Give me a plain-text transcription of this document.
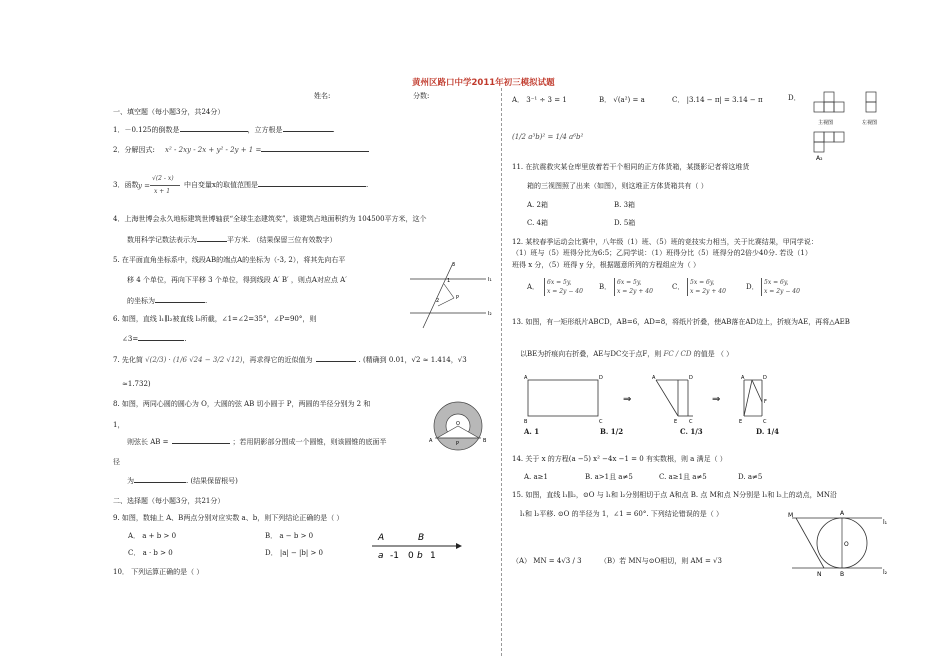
黄州区路口中学2011年初三模拟试题
姓名:	分数:
一、填空题（每小题3分，共24分）
1．－0.125的倒数是	，立方根是	.
2．分解因式: x² - 2xy - 2x + y² - 2y + 1 =
3．函数 y =
√(2 - x)
x + 1
中自变量x的取值范围是	.
4．上海世博会永久地标建筑世博轴获“全球生态建筑奖”，该建筑占地面积约为 104500平方米，这个
数用科学记数法表示为	平方米. （结果保留三位有效数字）
5. 在平面直角坐标系中，线段AB的端点A的坐标为（-3, 2），将其先向右平
移 4 个单位，再向下平移 3 个单位，得到线段 A′ B′ ，则点A对应点 A′
的坐标为	.
6. 如图，直线 l₁∥l₂被直线 l₃所截，∠1=∠2=35°，∠P=90°，则
∠3=	.
l₁
l₂
1
2
3
P
7. 先化简 √(2/3) · (1/6 √24 − 3/2 √12)，再求得它的近似值为	. (精确到 0.01，√2 ≈ 1.414，√3
≈1.732)
8. 如图，两同心圆的圆心为 O，大圆的弦 AB 切小圆于 P，两圆的半径分别为 2 和
1，
则弦长 AB =	；若用阴影部分围成一个圆锥，则该圆锥的底面半
径
为	. (结果保留根号)
A	B
O
P
二、选择题（每小题3分，共21分）
9. 如图，数轴上 A、B两点分别对应实数 a、b，则下列结论正确的是（ ）
A． a + b > 0	B． a − b > 0
C． a · b > 0	D． |a| − |b| > 0
A	B
a -1 0 b 1
10． 下列运算正确的是（ ）
A． 3⁻¹ ÷ 3 = 1	B． √(a²) = a	C． |3.14 − π| = 3.14 − π	D．
(1/2 a³b)² = 1/4 a⁶b²
主视图	左视图
A₂
11. 在抗震救灾某仓库里放着若干个相同的正方体货箱，某摄影记者将这堆货
箱的三视图照了出来（如图），则这堆正方体货箱共有（ ）
A. 2箱	B. 3箱
C. 4箱	D. 5箱
12. 某校春季运动会比赛中，八年级（1）班、（5）班的竞技实力相当，关于比赛结果，甲同学说：
（1）班与（5）班得分比为6:5；乙同学说：（1）班得分比（5）班得分的2倍少40分. 若设（1）
班得 x 分，（5）班得 y 分，根据题意所列的方程组应为（ ）
A．
6x = 5y,
x = 2y − 40
B．
6x = 5y,
x = 2y + 40
C．
5x = 6y,
x = 2y + 40
D．
5x = 6y,
x = 2y − 40
13. 如图，有一矩形纸片ABCD，AB=6，AD=8，将纸片折叠，使AB落在AD边上，折痕为AE，再将△AEB
以BE为折痕向右折叠，AE与DC交于点F，则 FC / CD 的值是 （ ）
A	D
B	C
⇒
A	D
E C
⇒
A	D
F
E	C
A. 1	B. 1/2	C. 1/3	D. 1/4
14. 关于 x 的方程(a −5) x² −4x −1 = 0 有实数根，则 a 满足（ ）
A. a≥1	B. a>1且 a≠5	C. a≥1且 a≠5	D. a≠5
15. 如图，直线 l₁∥l₂，⊙O 与 l₁和 l₂分别相切于点 A和点 B. 点 M和点 N分别是 l₁和 l₂上的动点，MN沿
l₁和 l₂平移. ⊙O 的半径为 1，∠1 = 60°. 下列结论错误的是（ ）
（A） MN = 4√3 / 3	（B）若 MN与⊙O相切，则 AM = √3
M	A
l₁
O
N	B	l₂
